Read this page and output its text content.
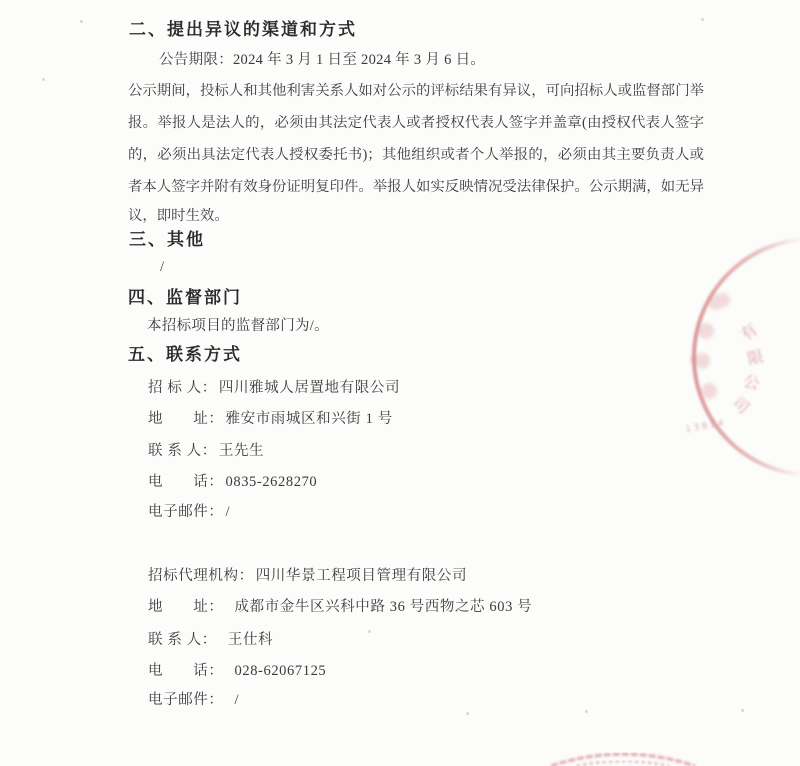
二、提出异议的渠道和方式
公告期限：2024 年 3 月 1 日至 2024 年 3 月 6 日。
公示期间，投标人和其他利害关系人如对公示的评标结果有异议，可向招标人或监督部门举
报。举报人是法人的，必须由其法定代表人或者授权代表人签字并盖章(由授权代表人签字
的，必须出具法定代表人授权委托书)；其他组织或者个人举报的，必须由其主要负责人或
者本人签字并附有效身份证明复印件。举报人如实反映情况受法律保护。公示期满，如无异
议，即时生效。
三、其他
/
四、监督部门
本招标项目的监督部门为/。
五、联系方式
招 标 人： 四川雅城人居置地有限公司
地　　址： 雅安市雨城区和兴街 1 号
联 系 人： 王先生
电　　话： 0835-2628270
电子邮件： /
招标代理机构： 四川华景工程项目管理有限公司
地　　址： 成都市金牛区兴科中路 36 号西物之芯 603 号
联 系 人： 王仕科
电　　话： 028-62067125
电子邮件： /
有
限
公
司
13814
